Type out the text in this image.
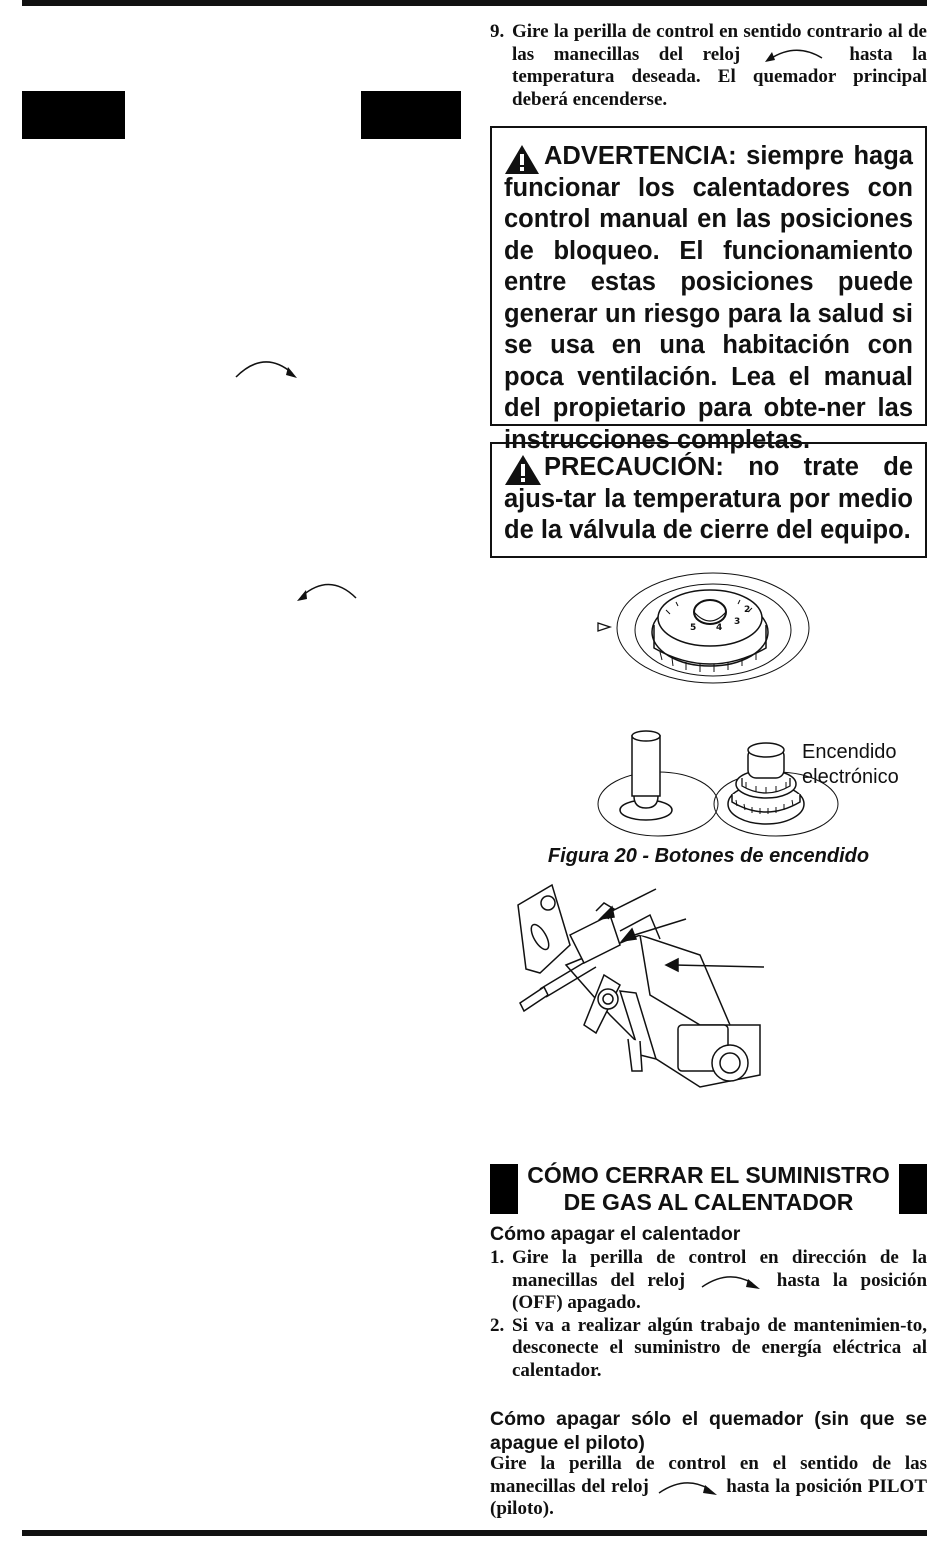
9. Gire la perilla de control en sentido contrario al de las manecillas del reloj	hasta la temperatura deseada. El quemador principal deberá encenderse.
ADVERTENCIA: siempre haga funcionar los calentadores con control manual en las posiciones de bloqueo. El funcionamiento entre estas posiciones puede generar un riesgo para la salud si se usa en una habitación con poca ventilación. Lea el manual del propietario para obte-ner las instrucciones completas.
PRECAUCIÓN: no trate de ajus-tar la temperatura por medio de la válvula de cierre del equipo.
2
3
4
5
Encendido
electrónico
Figura 20 - Botones de encendido
CÓMO CERRAR EL SUMINISTRO
DE GAS AL CALENTADOR
Cómo apagar el calentador
1. Gire la perilla de control en dirección de la manecillas del reloj	hasta la posición (OFF) apagado.
2. Si va a realizar algún trabajo de mantenimien-to, desconecte el suministro de energía eléctrica al calentador.
Cómo apagar sólo el quemador (sin que se apague el piloto)
Gire la perilla de control en el sentido de las manecillas del reloj	hasta la posición PILOT (piloto).
